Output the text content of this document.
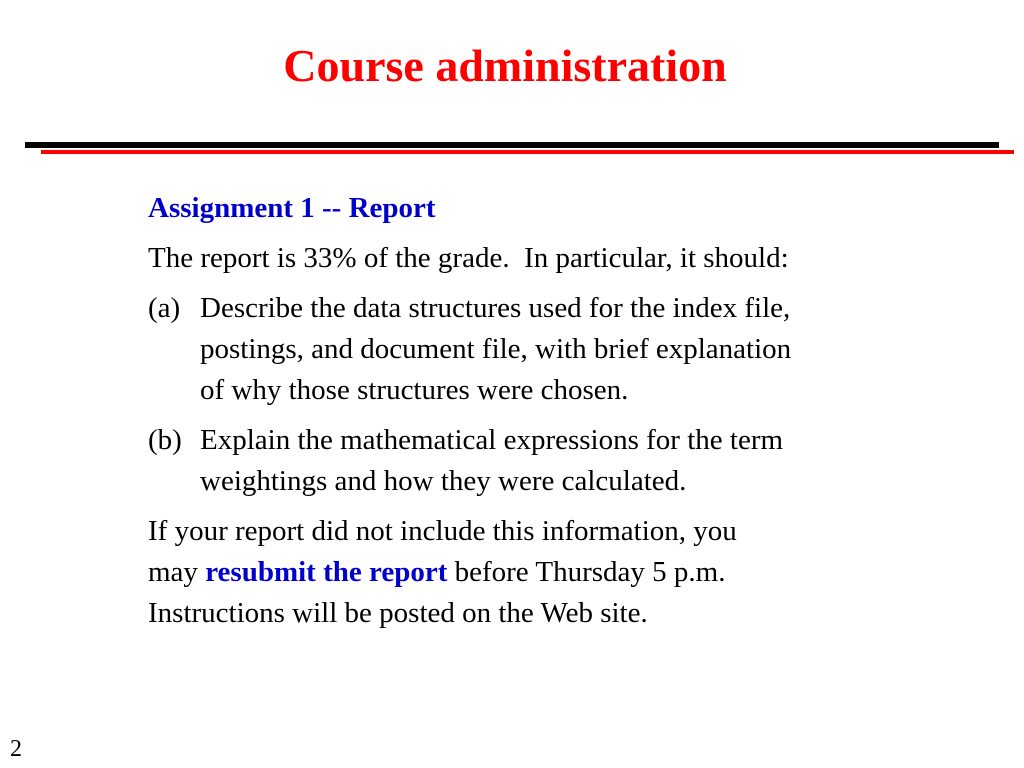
Course administration
Assignment 1 -- Report
The report is 33% of the grade.  In particular, it should:
(a) Describe the data structures used for the index file,
postings, and document file, with brief explanation
of why those structures were chosen.
(b) Explain the mathematical expressions for the term
weightings and how they were calculated.
If your report did not include this information, you
may resubmit the report before Thursday 5 p.m.
Instructions will be posted on the Web site.
2
